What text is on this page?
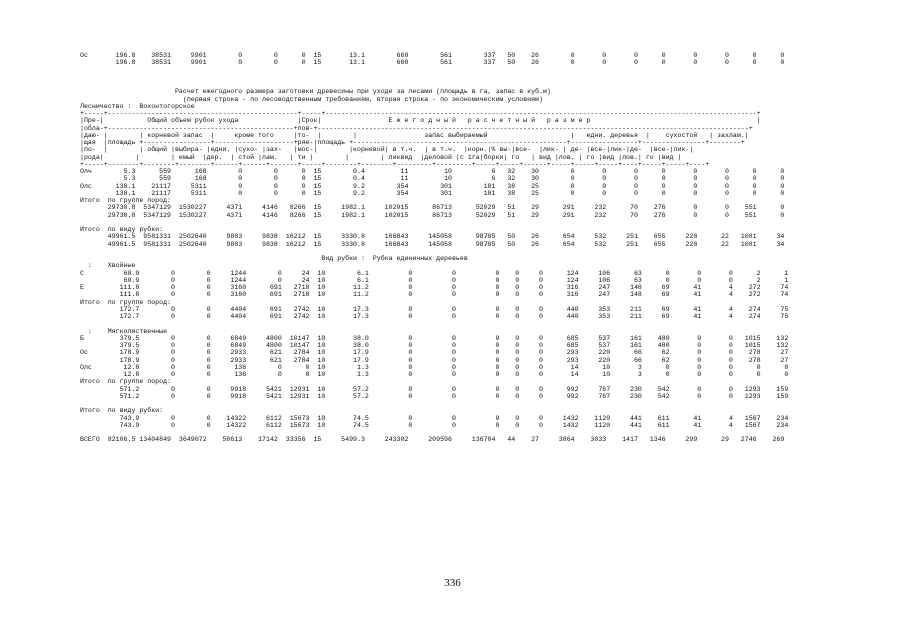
Ос       196.8    38531     9901        0        0      0  15       13.1        660        561        337   50    26        0       0       0      0       0       0      0      0
196.8    38531     9901        0        0      0  15       13.1        660        561        337   50    26        0       0       0      0       0       0      0      0

Расчет ежегодного размера заготовки древесины при уходе за лесами (площадь в га, запас в куб.м)
(первая строка - по лесоводственным требованиям, вторая строка - по экономическим условиям)
Лесничество :  Вохонтогорское
+-----+------------------------------------------------+-----+-------------------------------------------------------------------------------------------------------------+
|Пре-|           Общий объем рубок ухода               |Срок|                 Е ж е г о д н ы й   р а с ч е т н ы й   р а з м е р                                          |
|обла-+-----------------------------------------------+пов-+-------------------------------------------------------------------------------------------------------------+
|даю- |        | корневой запас  |     кроме того     |то-  |        |                 запас выбираемый                     |   едни. деревья  |    сухостой   | захлам.|
|щая  |площадь +-----------------+--------------------+ряе-|площадь +------------------------------------------------------+-----------------+----------------+--------+
|по-  |        | общий |выбира- |едни. |сухо- |зах-   |мос-|        |корневой| в т.ч.  | в т.ч.  |корн.|% вы-|все-  |лик- | де- |все-|лик-|де-  |все-|лик-|
|рода|        |        | емый  |дер.  | стой |лам.   | ти |        |        | ликвид  |деловой |с 1га|борки| го   | вид |лов. | го |вид |лов.| го |вид |
+-----+--------+--------+--------+------+------+-------+-----+--------+--------+---------+---------+-----+-----+------+-----+-----+-----+----+-----+-----+----+
Олч        5.3      559      168        0        0      0  15        0.4         11         10          6   32    30        0       0       0      0       0       0      0      0
5.3      559      168        0        0      0  15        0.4         11         10          6   32    30        0       0       0      0       0       0      0      0
Олс      138.1    21117     5311        0        0      0  15        9.2        354        301        181   38    25        0       0       0      0       0       0      0      0
138.1    21117     5311        0        0      0  15        9.2        354        301        181   38    25        0       0       0      0       0       0      0      0
Итого  по группе пород:
29730.8  5347129  1530227     4371     4146   8266  15     1982.1     102015      86713      52029   51    29      291     232      70    276       0       0    551      0
29730.8  5347129  1530227     4371     4146   8266  15     1982.1     102015      86713      52029   51    29      291     232      70    276       0       0    551      0

Итого  по виду рубки:
49961.5  9581331  2502640     9803     9838  16212  15     3330.8     166843     145058      98705   50    26      654     532     251    655     228      22   1081     34
49961.5  9581331  2502640     9803     9838  16212  15     3330.8     166843     145058      98705   50    26      654     532     251    655     228      22   1081     34

Вид рубки :  Рубка единичных деревьев
:    Хвойные
С          60.9        0        0     1244        0     24  10        6.1          0          0          0    0     0      124     106      63      0       0       0      2      1
60.9        0        0     1244        0     24  10        6.1          0          0          0    0     0      124     106      63      0       0       0      2      1
Е         111.8        0        0     3160      691   2718  10       11.2          0          0          0    0     0      316     247     148     69      41       4    272     74
111.8        0        0     3160      691   2718  10       11.2          0          0          0    0     0      316     247     148     69      41       4    272     74
Итого  по группе пород:
172.7        0        0     4404      691   2742  10       17.3          0          0          0    0     0      440     353     211     69      41       4    274     75
172.7        0        0     4404      691   2742  10       17.3          0          0          0    0     0      440     353     211     69      41       4    274     75

:    Мягколиственные
Б         379.5        0        0     6849     4800  10147  10       38.0          0          0          0    0     0      685     537     161    480       0       0   1015    132
379.5        0        0     6849     4800  10147  10       38.0          0          0          0    0     0      685     537     161    480       0       0   1015    132
Ос        178.9        0        0     2933      621   2784  10       17.9          0          0          0    0     0      293     220      66     62       0       0    278     27
178.9        0        0     2933      621   2784  10       17.9          0          0          0    0     0      293     220      66     62       0       0    278     27
Олс        12.8        0        0      136        0      0  10        1.3          0          0          0    0     0       14      10       3      0       0       0      0      0
12.8        0        0      136        0      0  10        1.3          0          0          0    0     0       14      10       3      0       0       0      0      0
Итого  по группе пород:
571.2        0        0     9918     5421  12931  10       57.2          0          0          0    0     0      992     767     230    542       0       0   1293    159
571.2        0        0     9918     5421  12931  10       57.2          0          0          0    0     0      992     767     230    542       0       0   1293    159

Итого  по виду рубки:
743.9        0        0    14322     6112  15673  10       74.5          0          0          0    0     0     1432    1120     441    611      41       4   1567    234
743.9        0        0    14322     6112  15673  10       74.5          0          0          0    0     0     1432    1120     441    611      41       4   1567    234

ВСЕГО  82106.5 13404849  3649072    50613    17142  33356  15     5499.3     243302     209596     136704   44    27     3864    3033    1417   1346     299      29   2746    269
336
